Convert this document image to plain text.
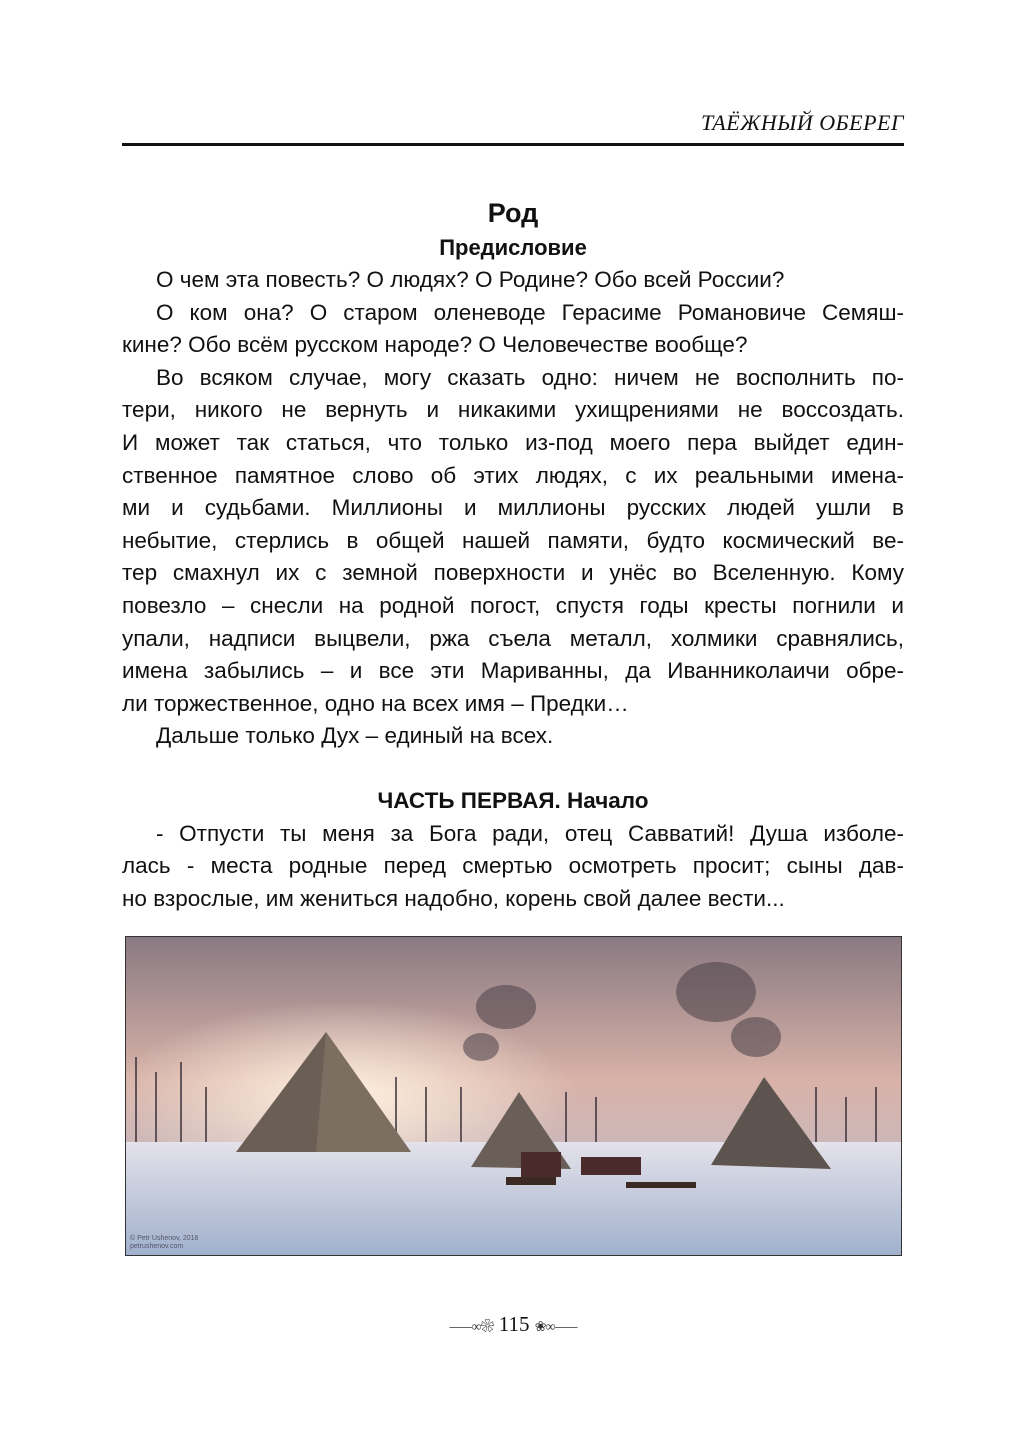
ТАЁЖНЫЙ ОБЕРЕГ
Род
Предисловие
О чем эта повесть? О людях? О Родине? Обо всей России?
О ком она? О старом оленеводе Герасиме Романовиче Семяш-
кине? Обо всём русском народе? О Человечестве вообще?
Во всяком случае, могу сказать одно: ничем не восполнить по-
тери, никого не вернуть и никакими ухищрениями не воссоздать.
И может так статься, что только из-под моего пера выйдет един-
ственное памятное слово об этих людях, с их реальными имена-
ми и судьбами. Миллионы и миллионы русских людей ушли в
небытие, стерлись в общей нашей памяти, будто космический ве-
тер смахнул их с земной поверхности и унёс во Вселенную. Кому
повезло – снесли на родной погост, спустя годы кресты погнили и
упали, надписи выцвели, ржа съела металл, холмики сравнялись,
имена забылись – и все эти Мариванны, да Иванниколаичи обре-
ли торжественное, одно на всех имя – Предки…
Дальше только Дух – единый на всех.
ЧАСТЬ ПЕРВАЯ. Начало
- Отпусти ты меня за Бога ради, отец Савватий! Душа изболе-
лась - места родные перед смертью осмотреть просит; сыны дав-
но взрослые, им жениться надобно, корень свой далее вести...
© Petr Ushenov, 2016
petrushenov.com
⸺∞❀ 115 ❀∞⸺
